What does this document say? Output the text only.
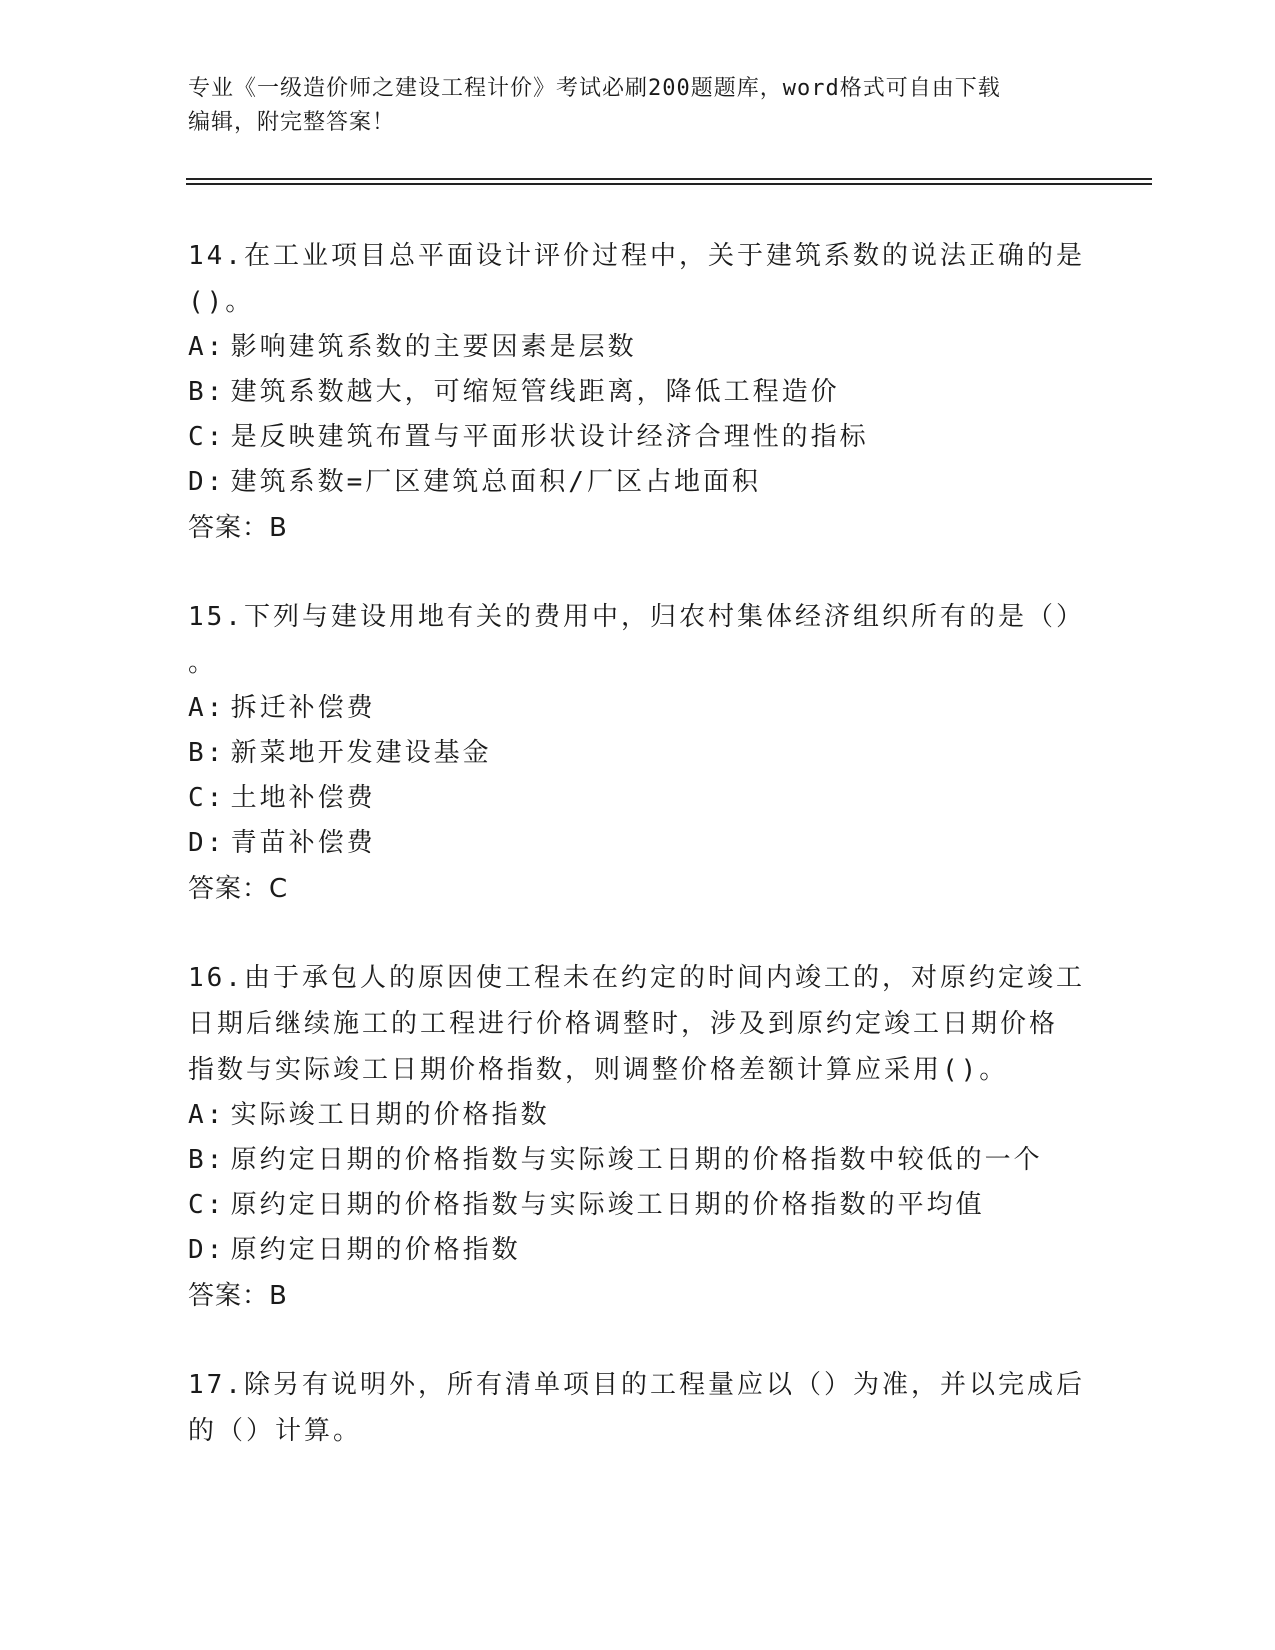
专业《一级造价师之建设工程计价》考试必刷200题题库，word格式可自由下载
编辑，附完整答案！
14.在工业项目总平面设计评价过程中，关于建筑系数的说法正确的是
()。
A : 影响建筑系数的主要因素是层数
B : 建筑系数越大，可缩短管线距离，降低工程造价
C : 是反映建筑布置与平面形状设计经济合理性的指标
D : 建筑系数=厂区建筑总面积/厂区占地面积
答案：B
15.下列与建设用地有关的费用中，归农村集体经济组织所有的是（）
。
A : 拆迁补偿费
B : 新菜地开发建设基金
C : 土地补偿费
D : 青苗补偿费
答案：C
16.由于承包人的原因使工程未在约定的时间内竣工的，对原约定竣工
日期后继续施工的工程进行价格调整时，涉及到原约定竣工日期价格
指数与实际竣工日期价格指数，则调整价格差额计算应采用()。
A : 实际竣工日期的价格指数
B : 原约定日期的价格指数与实际竣工日期的价格指数中较低的一个
C : 原约定日期的价格指数与实际竣工日期的价格指数的平均值
D : 原约定日期的价格指数
答案：B
17.除另有说明外，所有清单项目的工程量应以（）为准，并以完成后
的（）计算。
